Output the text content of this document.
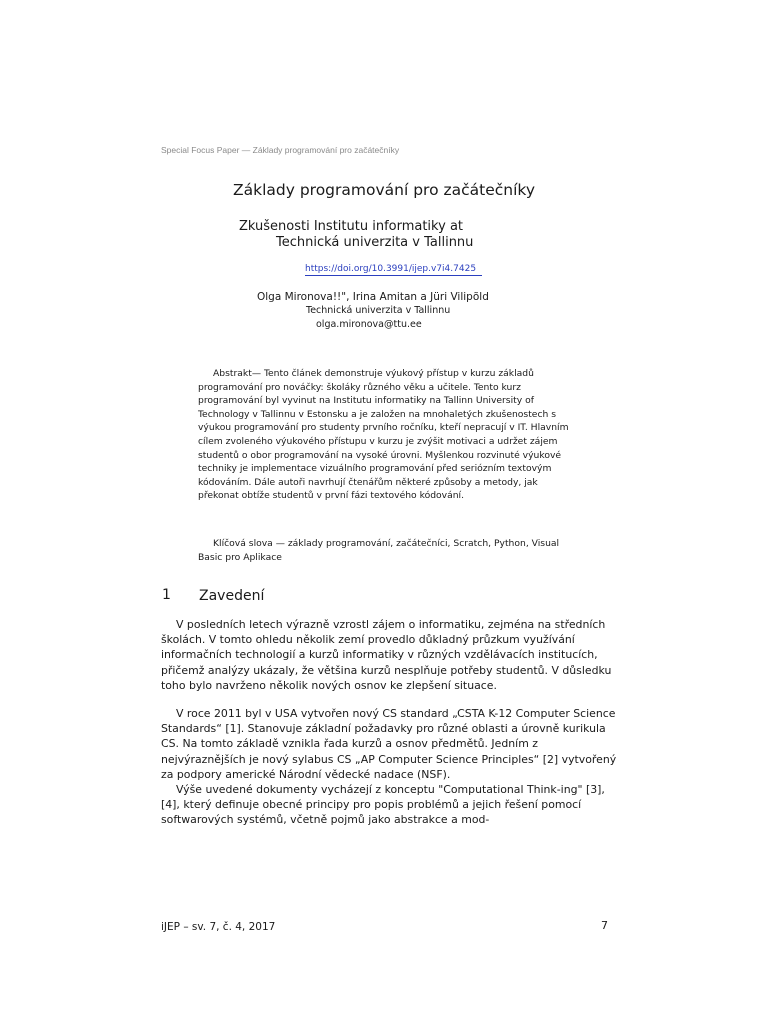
Special Focus Paper — Základy programování pro začátečníky
Základy programování pro začátečníky
Zkušenosti Institutu informatiky at
Technická univerzita v Tallinnu
https://doi.org/10.3991/ijep.v7i4.7425
Olga Mironova!!", Irina Amitan a Jüri Vilipõld
Technická univerzita v Tallinnu
olga.mironova@ttu.ee

Abstrakt— Tento článek demonstruje výukový přístup v kurzu základů programování pro nováčky: školáky různého věku a učitele. Tento kurz programování byl vyvinut na Institutu informatiky na Tallinn University of Technology v Tallinnu v Estonsku a je založen na mnohaletých zkušenostech s výukou programování pro studenty prvního ročníku, kteří nepracují v IT. Hlavním cílem zvoleného výukového přístupu v kurzu je zvýšit motivaci a udržet zájem studentů o obor programování na vysoké úrovni. Myšlenkou rozvinuté výukové techniky je implementace vizuálního programování před seriózním textovým kódováním. Dále autoři navrhují čtenářům některé způsoby a metody, jak překonat obtíže studentů v první fázi textového kódování.

Klíčová slova — základy programování, začátečníci, Scratch, Python, Visual Basic pro Aplikace

1 Zavedení

V posledních letech výrazně vzrostl zájem o informatiku, zejména na středních školách. V tomto ohledu několik zemí provedlo důkladný průzkum využívání informačních technologií a kurzů informatiky v různých vzdělávacích institucích, přičemž analýzy ukázaly, že většina kurzů nesplňuje potřeby studentů. V důsledku toho bylo navrženo několik nových osnov ke zlepšení situace.

V roce 2011 byl v USA vytvořen nový CS standard „CSTA K-12 Computer Science Standards“ [1]. Stanovuje základní požadavky pro různé oblasti a úrovně kurikula CS. Na tomto základě vznikla řada kurzů a osnov předmětů. Jedním z nejvýraznějších je nový sylabus CS „AP Computer Science Principles“ [2] vytvořený za podpory americké Národní vědecké nadace (NSF).

Výše uvedené dokumenty vycházejí z konceptu "Computational Think-ing" [3], [4], který definuje obecné principy pro popis problémů a jejich řešení pomocí softwarových systémů, včetně pojmů jako abstrakce a mod-

iJEP – sv. 7, č. 4, 2017	7
